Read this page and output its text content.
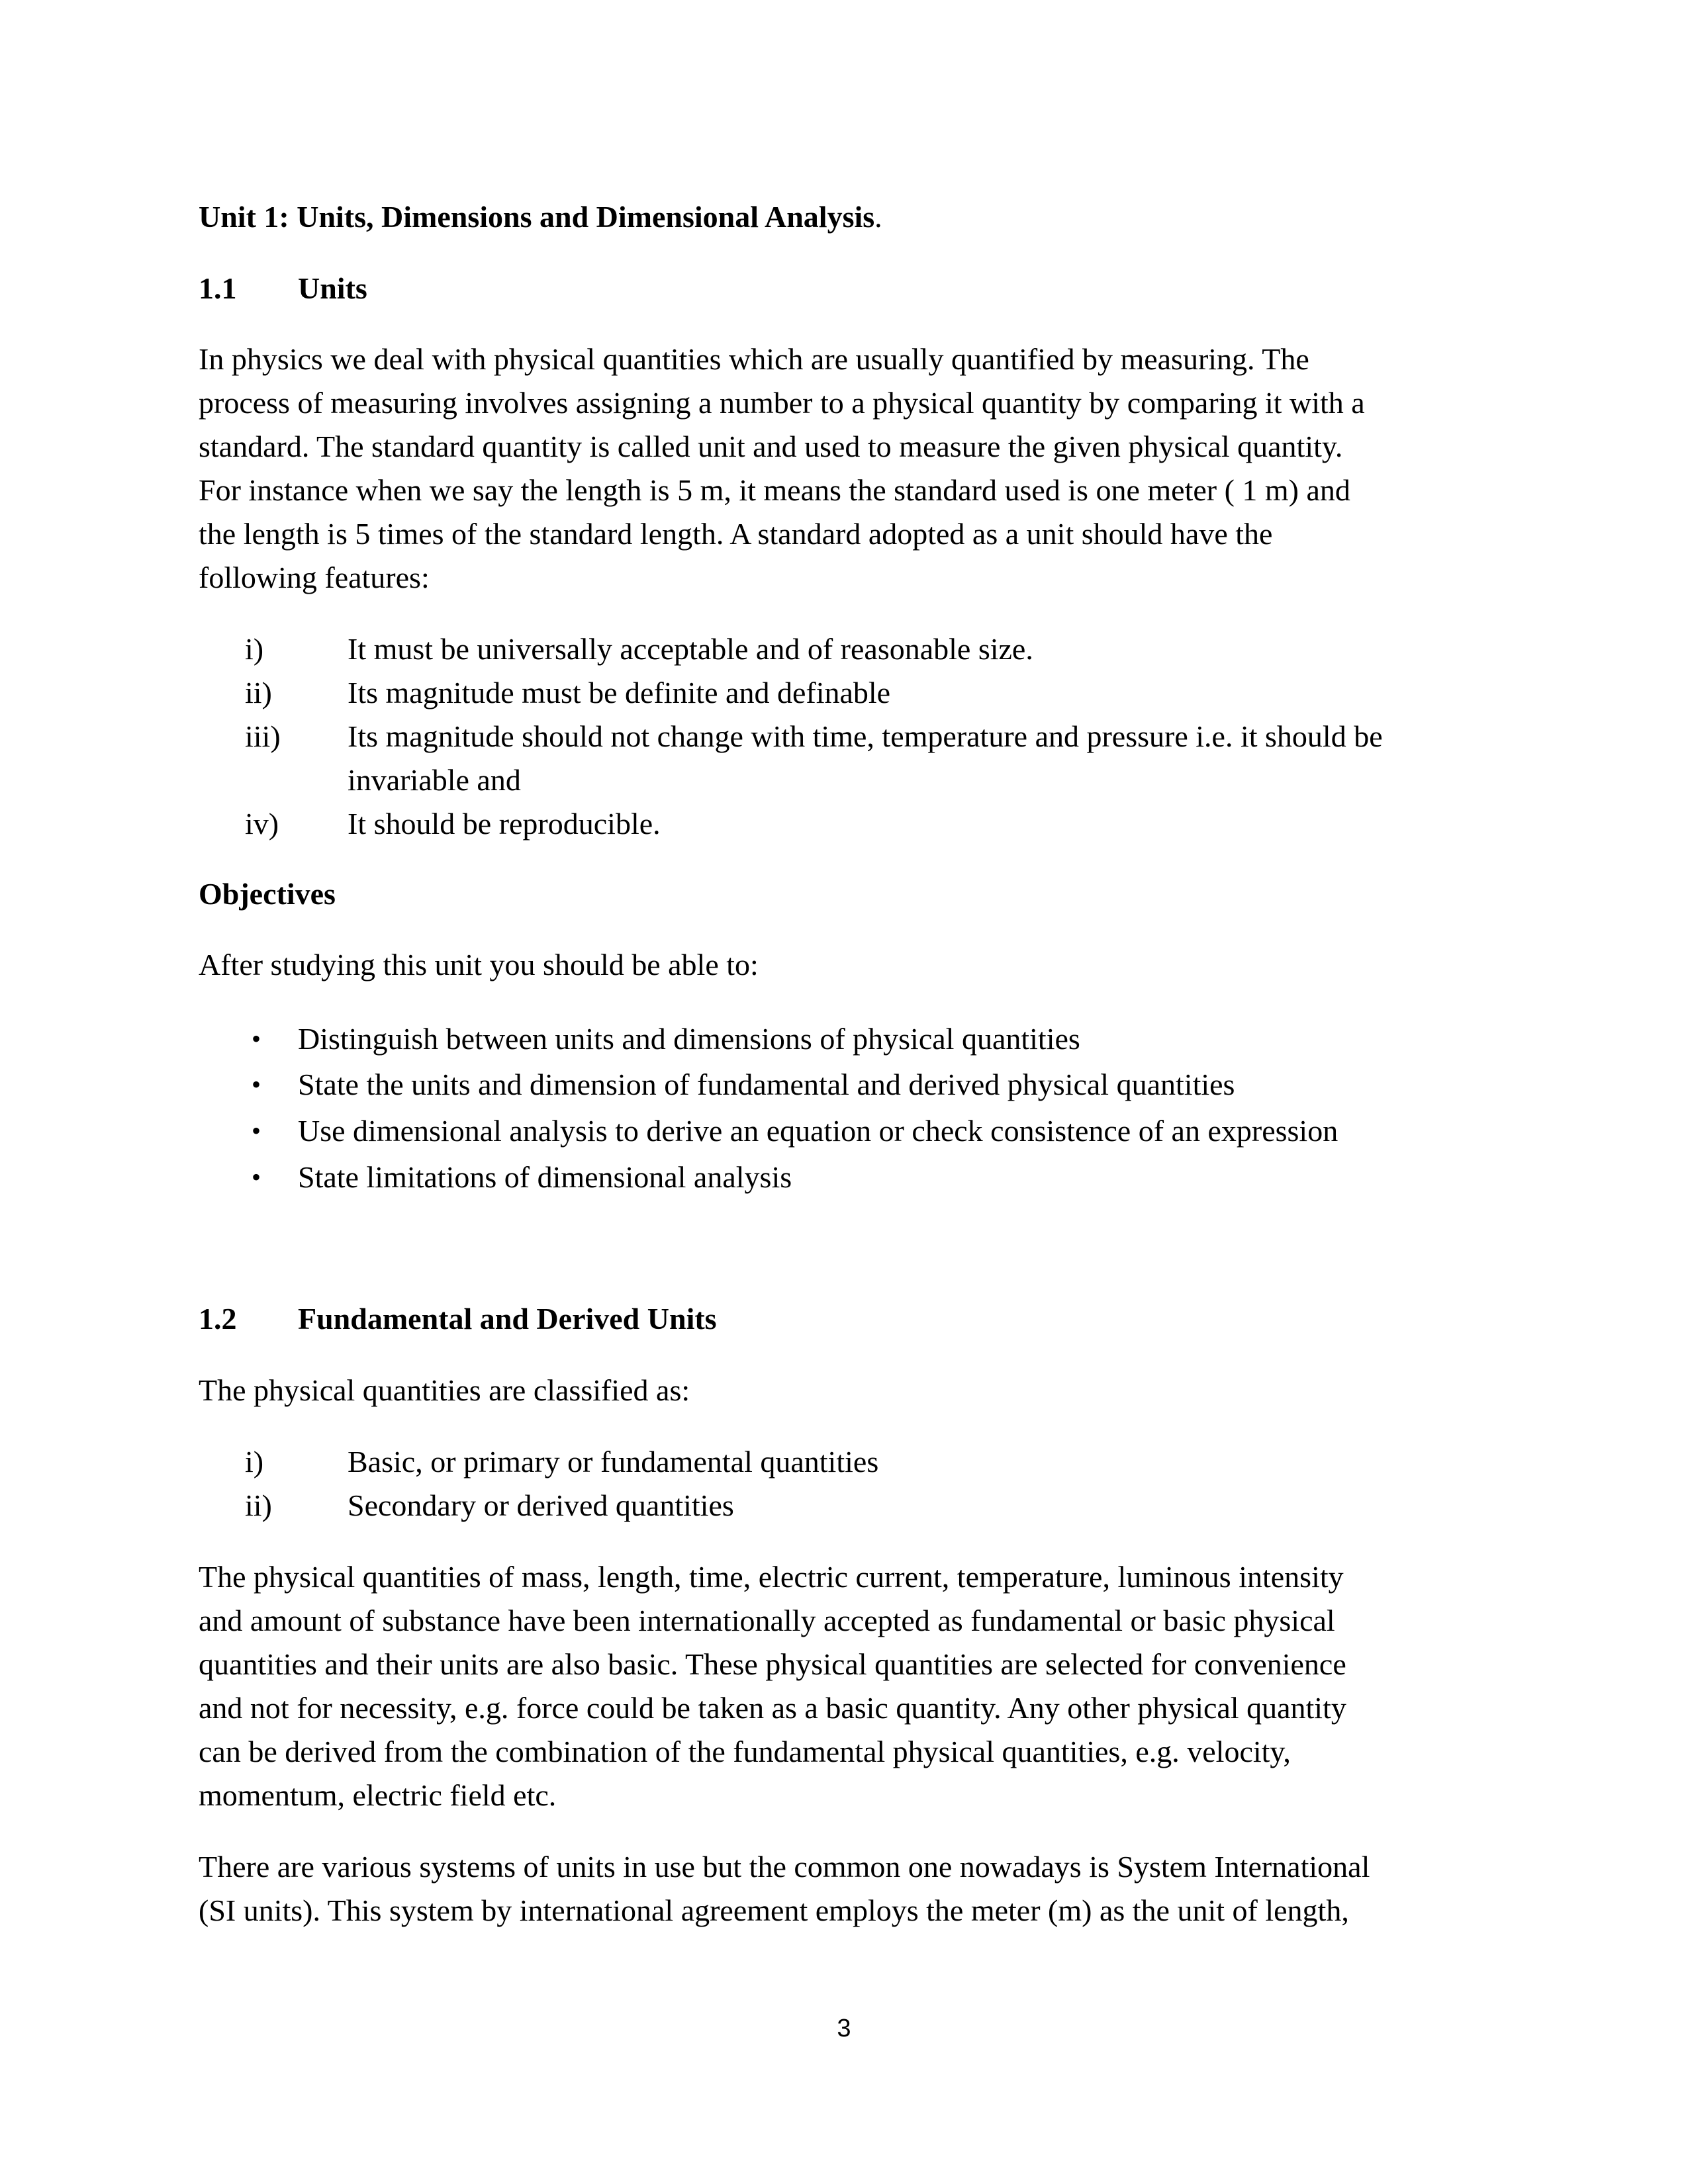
Unit 1: Units, Dimensions and Dimensional Analysis.
1.1 Units
In physics we deal with physical quantities which are usually quantified by measuring. The
process of measuring involves assigning a number to a physical quantity by comparing it with a
standard. The standard quantity is called unit and used to measure the given physical quantity.
For instance when we say the length is 5 m, it means the standard used is one meter ( 1 m) and
the length is 5 times of the standard length. A standard adopted as a unit should have the
following features:
i)	It must be universally acceptable and of reasonable size.
ii) Its magnitude must be definite and definable
iii) Its magnitude should not change with time, temperature and pressure i.e. it should be
invariable and
iv) It should be reproducible.
Objectives
After studying this unit you should be able to:
• Distinguish between units and dimensions of physical quantities
• State the units and dimension of fundamental and derived physical quantities
• Use dimensional analysis to derive an equation or check consistence of an expression
• State limitations of dimensional analysis
1.2 Fundamental and Derived Units
The physical quantities are classified as:
i)	Basic, or primary or fundamental quantities
ii) Secondary or derived quantities
The physical quantities of mass, length, time, electric current, temperature, luminous intensity
and amount of substance have been internationally accepted as fundamental or basic physical
quantities and their units are also basic. These physical quantities are selected for convenience
and not for necessity, e.g. force could be taken as a basic quantity. Any other physical quantity
can be derived from the combination of the fundamental physical quantities, e.g. velocity,
momentum, electric field etc.
There are various systems of units in use but the common one nowadays is System International
(SI units). This system by international agreement employs the meter (m) as the unit of length,
3
